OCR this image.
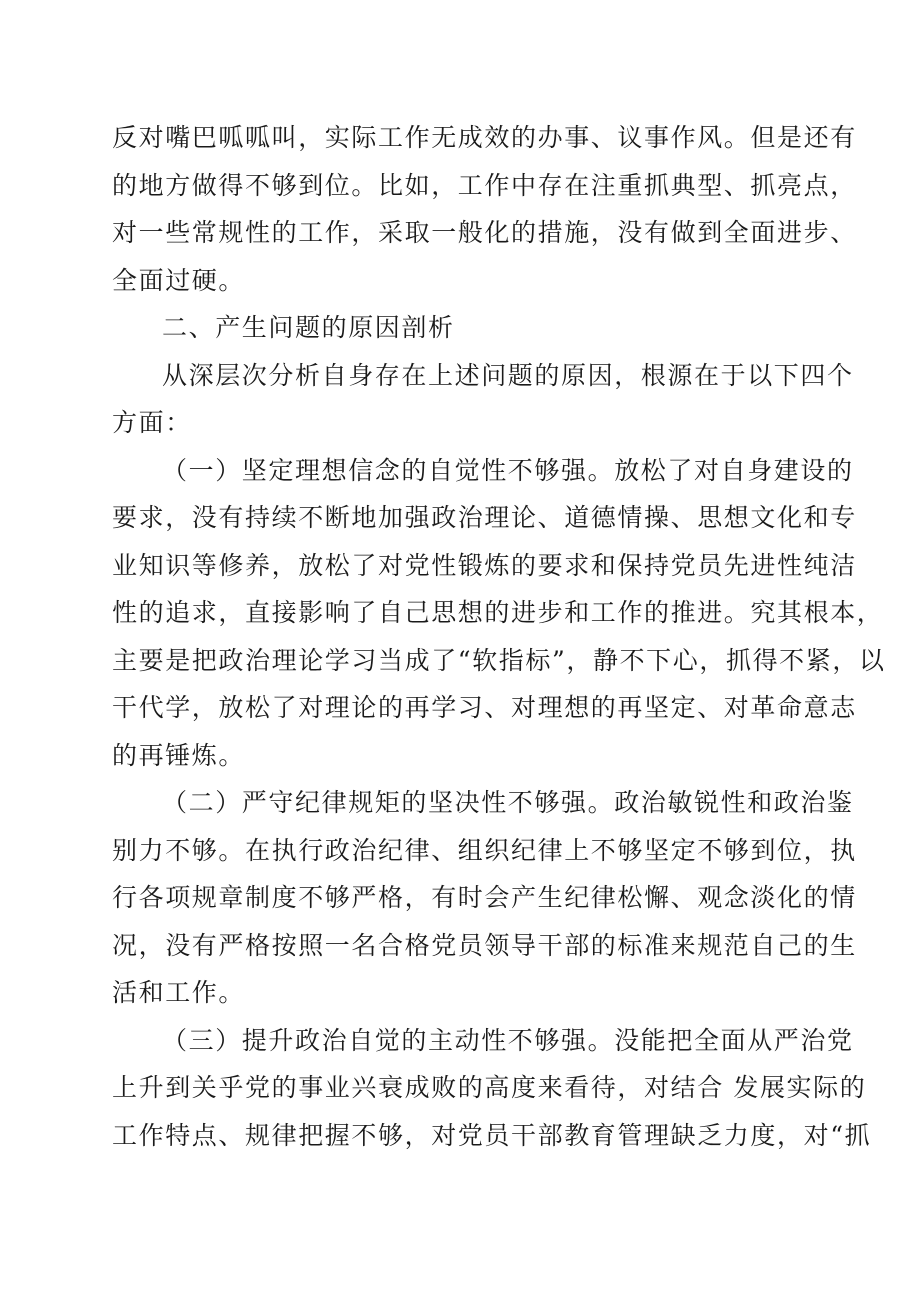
反对嘴巴呱呱叫，实际工作无成效的办事、议事作风。但是还有
的地方做得不够到位。比如，工作中存在注重抓典型、抓亮点，
对一些常规性的工作，采取一般化的措施，没有做到全面进步、
全面过硬。
二、产生问题的原因剖析
从深层次分析自身存在上述问题的原因，根源在于以下四个
方面：
（一）坚定理想信念的自觉性不够强。放松了对自身建设的
要求，没有持续不断地加强政治理论、道德情操、思想文化和专
业知识等修养，放松了对党性锻炼的要求和保持党员先进性纯洁
性的追求，直接影响了自己思想的进步和工作的推进。究其根本，
主要是把政治理论学习当成了“软指标”，静不下心，抓得不紧，以
干代学，放松了对理论的再学习、对理想的再坚定、对革命意志
的再锤炼。
（二）严守纪律规矩的坚决性不够强。政治敏锐性和政治鉴
别力不够。在执行政治纪律、组织纪律上不够坚定不够到位，执
行各项规章制度不够严格，有时会产生纪律松懈、观念淡化的情
况，没有严格按照一名合格党员领导干部的标准来规范自己的生
活和工作。
（三）提升政治自觉的主动性不够强。没能把全面从严治党
上升到关乎党的事业兴衰成败的高度来看待，对结合 发展实际的
工作特点、规律把握不够，对党员干部教育管理缺乏力度，对“抓
